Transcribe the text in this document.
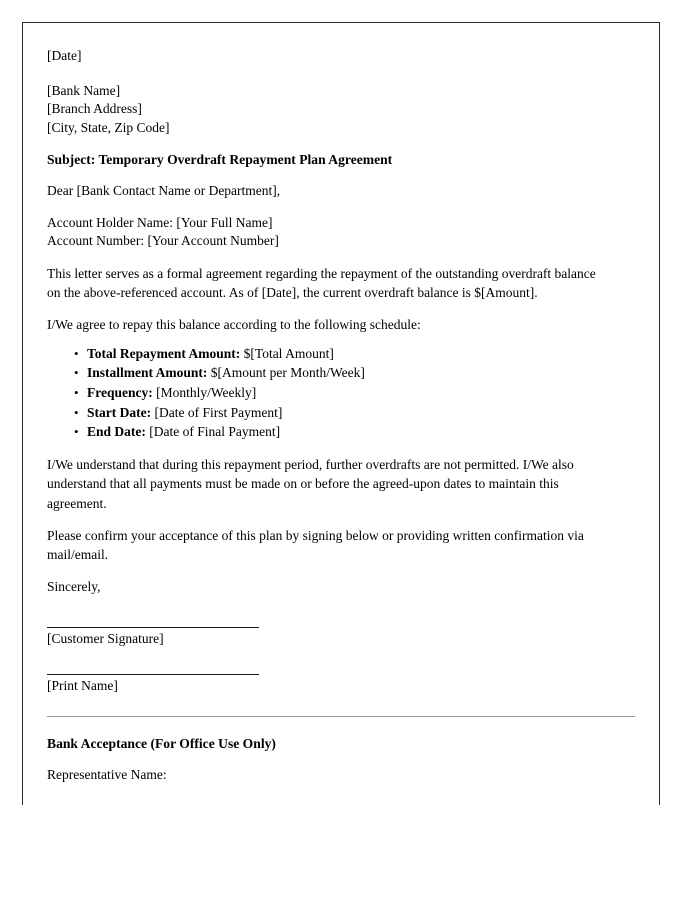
[Date]
[Bank Name]
[Branch Address]
[City, State, Zip Code]
Subject: Temporary Overdraft Repayment Plan Agreement
Dear [Bank Contact Name or Department],
Account Holder Name: [Your Full Name]
Account Number: [Your Account Number]

This letter serves as a formal agreement regarding the repayment of the outstanding overdraft balance on the above-referenced account. As of [Date], the current overdraft balance is $[Amount].

I/We agree to repay this balance according to the following schedule:

• Total Repayment Amount: $[Total Amount]
• Installment Amount: $[Amount per Month/Week]
• Frequency: [Monthly/Weekly]
• Start Date: [Date of First Payment]
• End Date: [Date of Final Payment]

I/We understand that during this repayment period, further overdrafts are not permitted. I/We also understand that all payments must be made on or before the agreed-upon dates to maintain this agreement.

Please confirm your acceptance of this plan by signing below or providing written confirmation via mail/email.

Sincerely,
[Customer Signature]
[Print Name]
Bank Acceptance (For Office Use Only)
Representative Name:
